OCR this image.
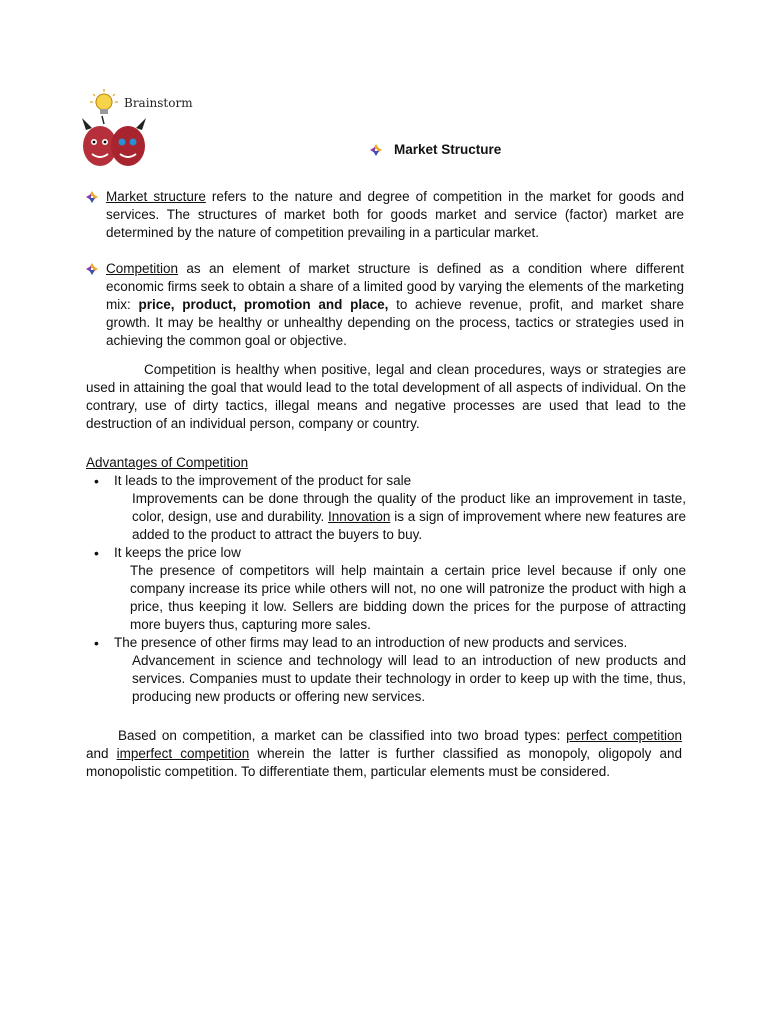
Brainstorm
Market Structure
Market structure refers to the nature and degree of competition in the market for goods and services. The structures of market both for goods market and service (factor) market are determined by the nature of competition prevailing in a particular market.
Competition as an element of market structure is defined as a condition where different economic firms seek to obtain a share of a limited good by varying the elements of the marketing mix: price, product, promotion and place, to achieve revenue, profit, and market share growth. It may be healthy or unhealthy depending on the process, tactics or strategies used in achieving the common goal or objective.
Competition is healthy when positive, legal and clean procedures, ways or strategies are used in attaining the goal that would lead to the total development of all aspects of individual. On the contrary, use of dirty tactics, illegal means and negative processes are used that lead to the destruction of an individual person, company or country.
Advantages of Competition
• It leads to the improvement of the product for sale
Improvements can be done through the quality of the product like an improvement in taste, color, design, use and durability. Innovation is a sign of improvement where new features are added to the product to attract the buyers to buy.
• It keeps the price low
The presence of competitors will help maintain a certain price level because if only one company increase its price while others will not, no one will patronize the product with high a price, thus keeping it low. Sellers are bidding down the prices for the purpose of attracting more buyers thus, capturing more sales.
• The presence of other firms may lead to an introduction of new products and services.
Advancement in science and technology will lead to an introduction of new products and services. Companies must to update their technology in order to keep up with the time, thus, producing new products or offering new services.
Based on competition, a market can be classified into two broad types: perfect competition and imperfect competition wherein the latter is further classified as monopoly, oligopoly and monopolistic competition. To differentiate them, particular elements must be considered.
